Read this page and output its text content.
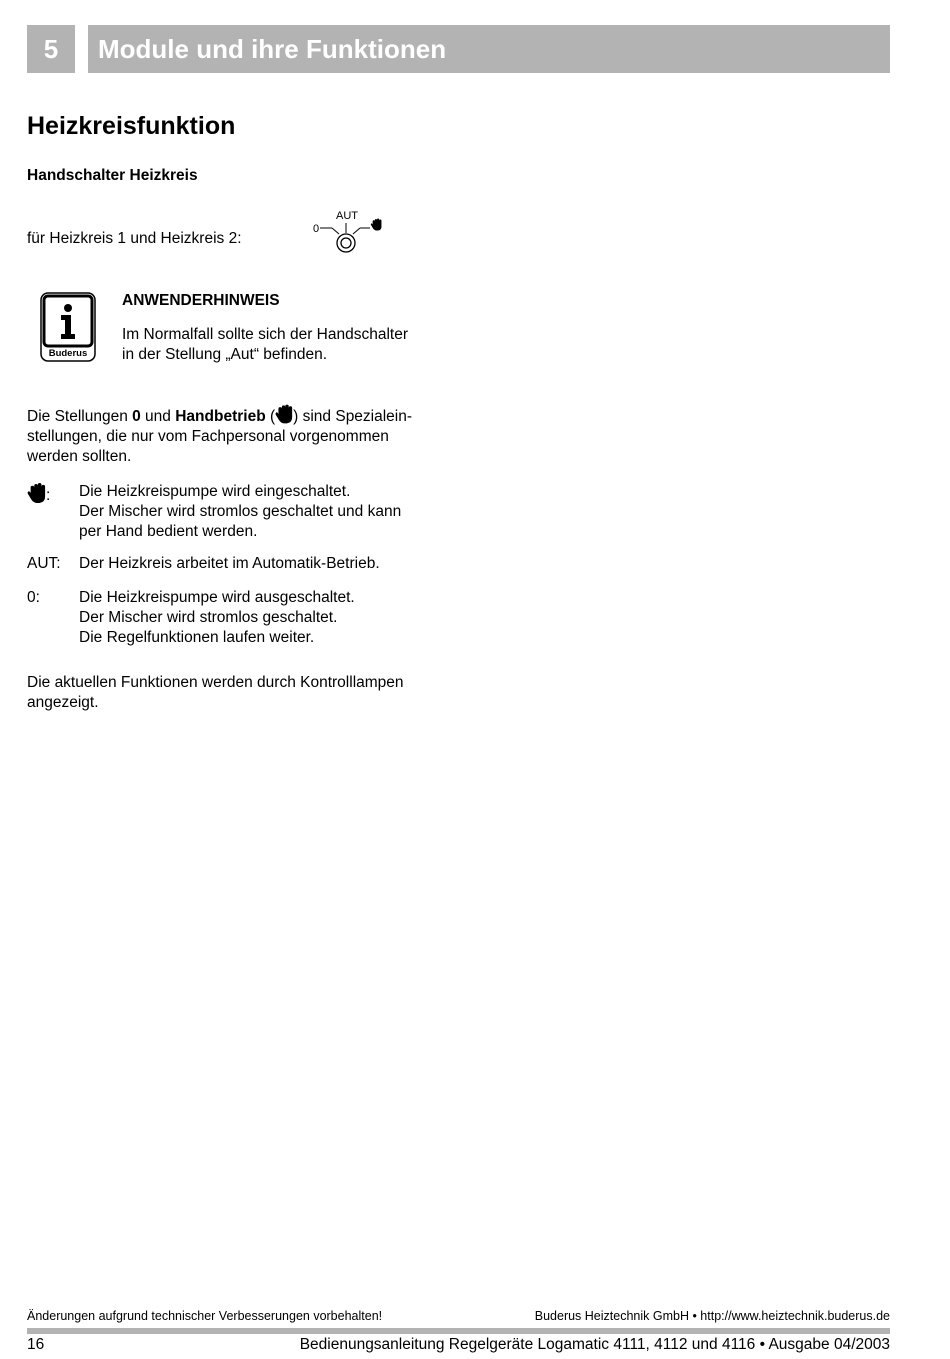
5	Module und ihre Funktionen
Heizkreisfunktion
Handschalter Heizkreis
für Heizkreis 1 und Heizkreis 2:
AUT
0
Buderus
ANWENDERHINWEIS
Im Normalfall sollte sich der Handschalter
in der Stellung „Aut“ befinden.
Die Stellungen 0 und Handbetrieb ( ) sind Spezialein-
stellungen, die nur vom Fachpersonal vorgenommen
werden sollten.
:	Die Heizkreispumpe wird eingeschaltet.
Der Mischer wird stromlos geschaltet und kann
per Hand bedient werden.
AUT:	Der Heizkreis arbeitet im Automatik-Betrieb.
0:	Die Heizkreispumpe wird ausgeschaltet.
Der Mischer wird stromlos geschaltet.
Die Regelfunktionen laufen weiter.
Die aktuellen Funktionen werden durch Kontrolllampen
angezeigt.
Änderungen aufgrund technischer Verbesserungen vorbehalten!	Buderus Heiztechnik GmbH • http://www.heiztechnik.buderus.de
16	Bedienungsanleitung Regelgeräte Logamatic 4111, 4112 und 4116 • Ausgabe 04/2003
